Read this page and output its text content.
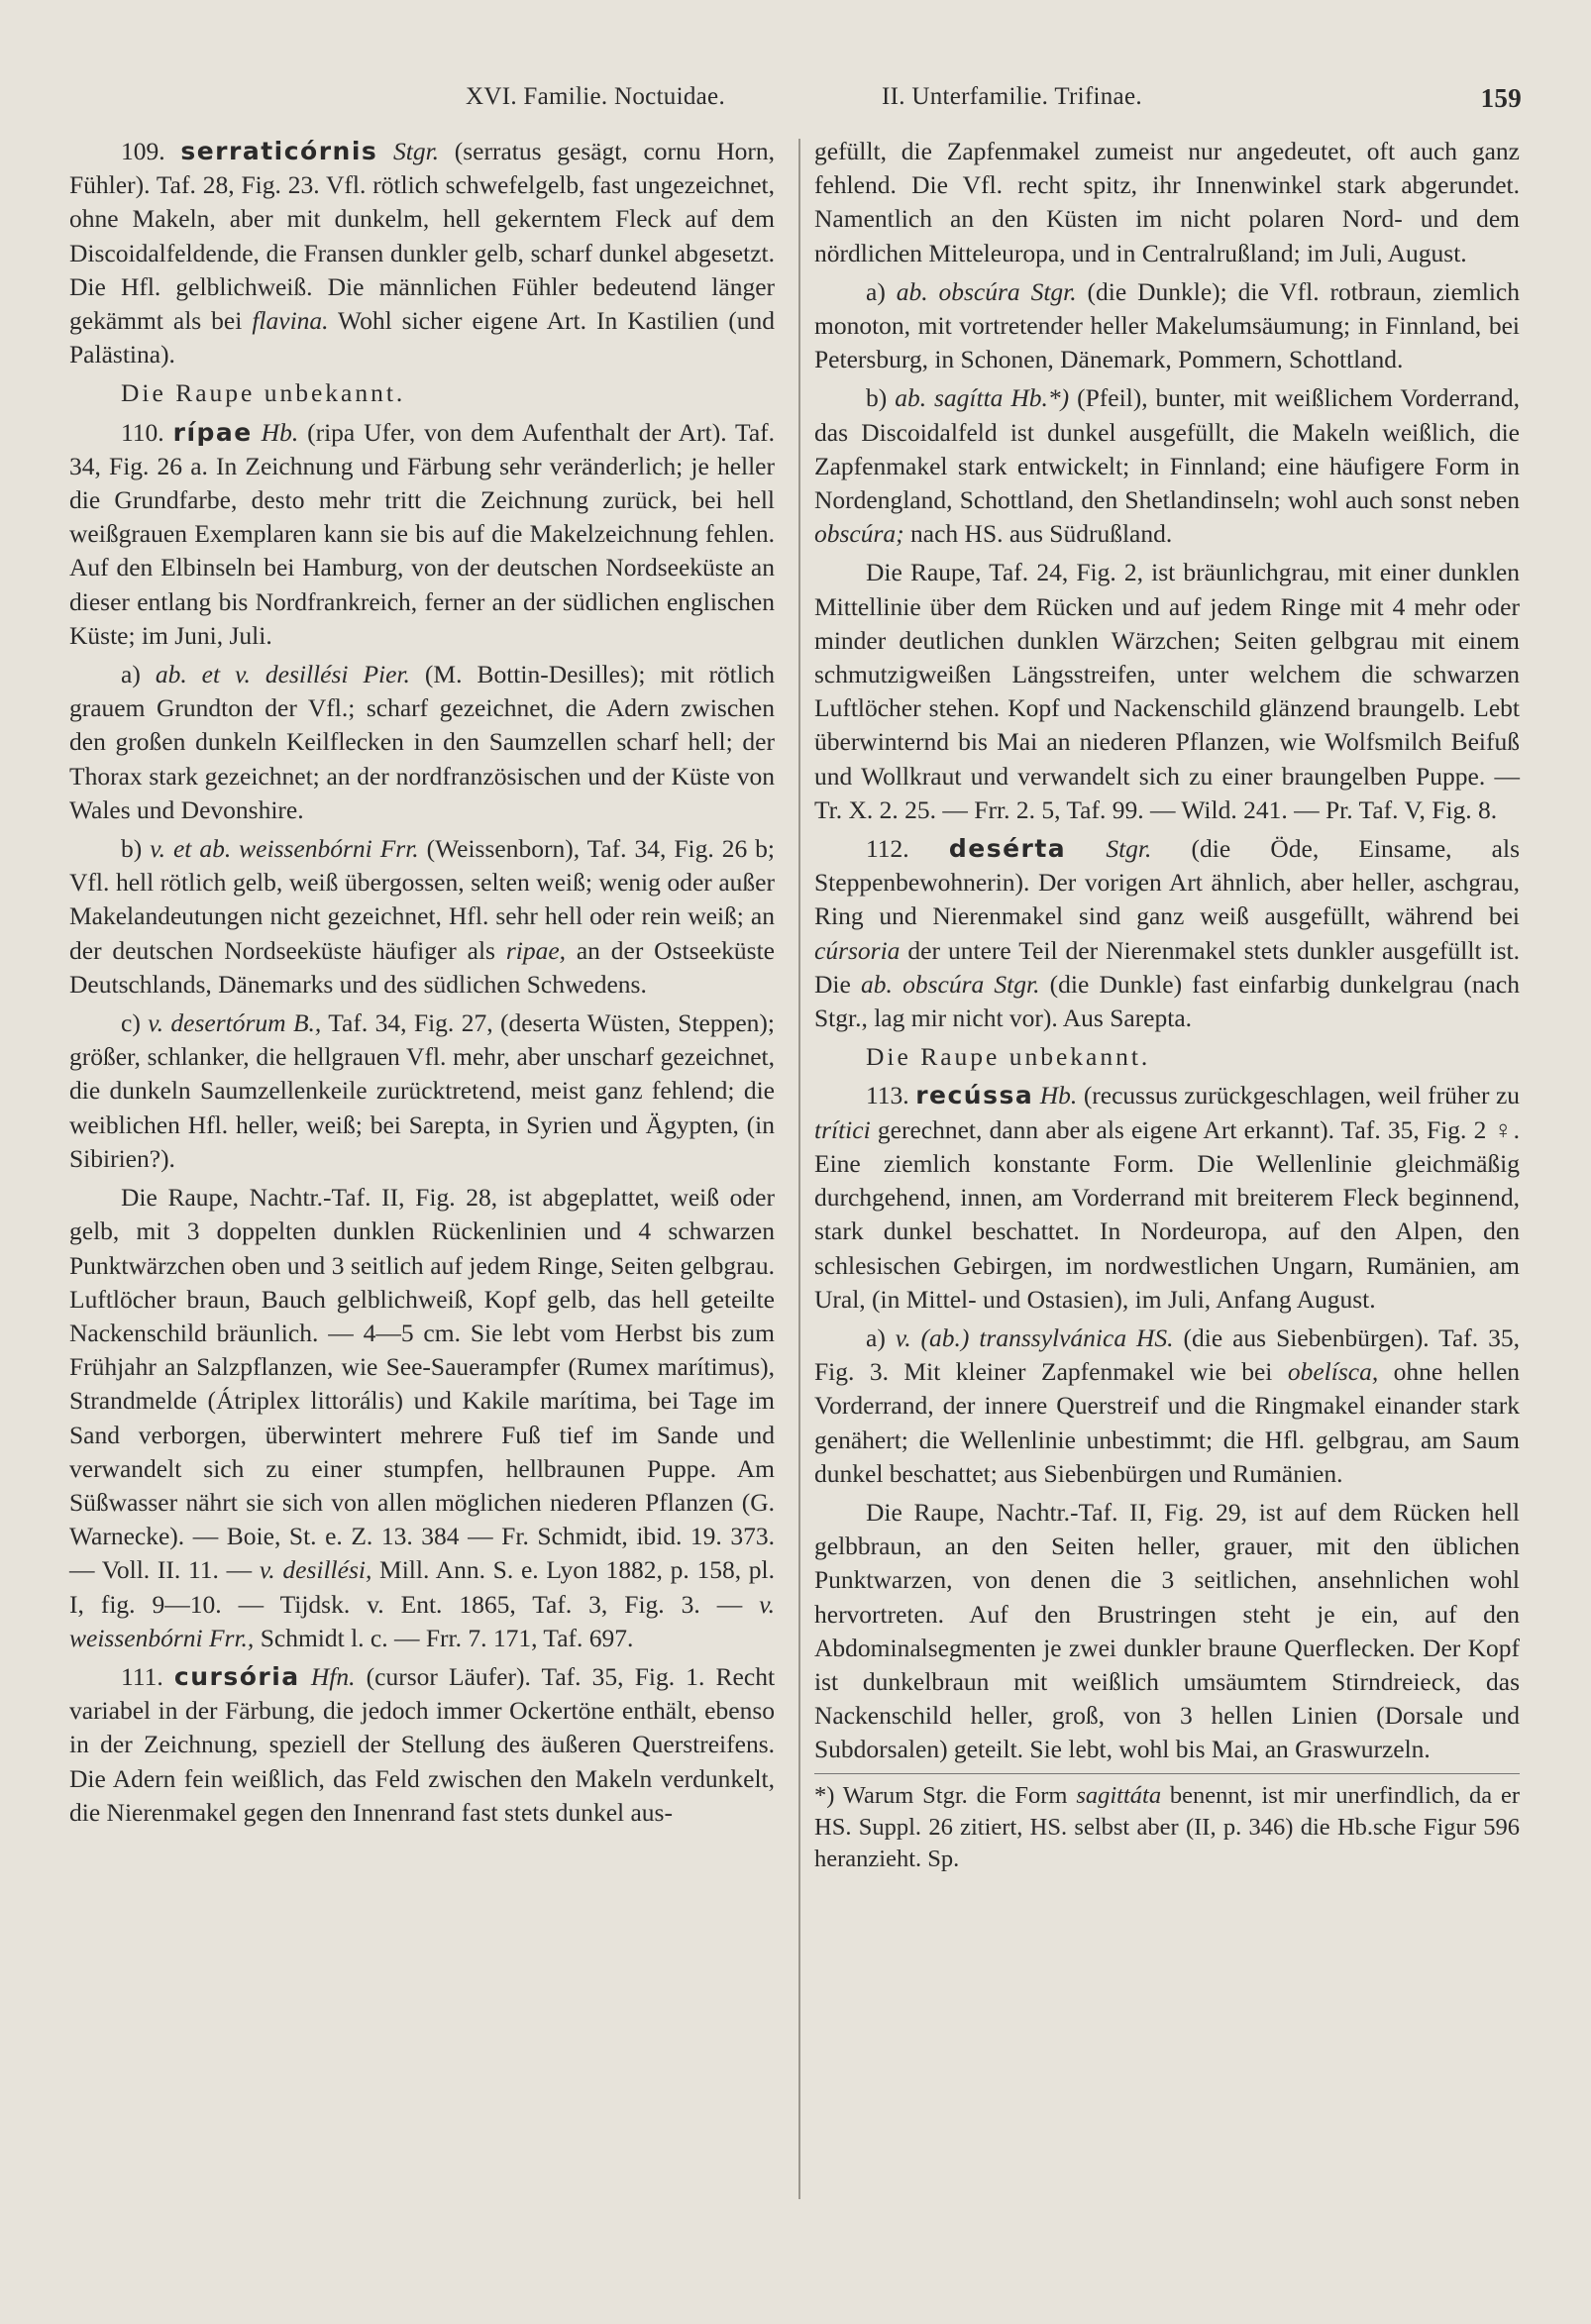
XVI. Familie. Noctuidae.	II. Unterfamilie. Trifinae.	159

109. serraticórnis Stgr. (serratus gesägt, cornu Horn, Fühler). Taf. 28, Fig. 23. Vfl. rötlich schwefelgelb, fast ungezeichnet, ohne Makeln, aber mit dunkelm, hell gekerntem Fleck auf dem Discoidalfeldende, die Fransen dunkler gelb, scharf dunkel abgesetzt. Die Hfl. gelblichweiß. Die männlichen Fühler bedeutend länger gekämmt als bei flavina. Wohl sicher eigene Art. In Kastilien (und Palästina).

Die Raupe unbekannt.

110. rípae Hb. (ripa Ufer, von dem Aufenthalt der Art). Taf. 34, Fig. 26 a. In Zeichnung und Färbung sehr veränderlich; je heller die Grundfarbe, desto mehr tritt die Zeichnung zurück, bei hell weißgrauen Exemplaren kann sie bis auf die Makelzeichnung fehlen. Auf den Elbinseln bei Hamburg, von der deutschen Nordseeküste an dieser entlang bis Nordfrankreich, ferner an der südlichen englischen Küste; im Juni, Juli.

a) ab. et v. desillési Pier. (M. Bottin-Desilles); mit rötlich grauem Grundton der Vfl.; scharf gezeichnet, die Adern zwischen den großen dunkeln Keilflecken in den Saumzellen scharf hell; der Thorax stark gezeichnet; an der nordfranzösischen und der Küste von Wales und Devonshire.

b) v. et ab. weissenbórni Frr. (Weissenborn), Taf. 34, Fig. 26 b; Vfl. hell rötlich gelb, weiß übergossen, selten weiß; wenig oder außer Makelandeutungen nicht gezeichnet, Hfl. sehr hell oder rein weiß; an der deutschen Nordseeküste häufiger als ripae, an der Ostseeküste Deutschlands, Dänemarks und des südlichen Schwedens.

c) v. desertórum B., Taf. 34, Fig. 27, (deserta Wüsten, Steppen); größer, schlanker, die hellgrauen Vfl. mehr, aber unscharf gezeichnet, die dunkeln Saumzellenkeile zurücktretend, meist ganz fehlend; die weiblichen Hfl. heller, weiß; bei Sarepta, in Syrien und Ägypten, (in Sibirien?).

Die Raupe, Nachtr.-Taf. II, Fig. 28, ist abgeplattet, weiß oder gelb, mit 3 doppelten dunklen Rückenlinien und 4 schwarzen Punktwärzchen oben und 3 seitlich auf jedem Ringe, Seiten gelbgrau. Luftlöcher braun, Bauch gelblichweiß, Kopf gelb, das hell geteilte Nackenschild bräunlich. — 4—5 cm. Sie lebt vom Herbst bis zum Frühjahr an Salzpflanzen, wie See-Sauerampfer (Rumex marítimus), Strandmelde (Átriplex littorális) und Kakile marítima, bei Tage im Sand verborgen, überwintert mehrere Fuß tief im Sande und verwandelt sich zu einer stumpfen, hellbraunen Puppe. Am Süßwasser nährt sie sich von allen möglichen niederen Pflanzen (G. Warnecke). — Boie, St. e. Z. 13. 384 — Fr. Schmidt, ibid. 19. 373. — Voll. II. 11. — v. desillési, Mill. Ann. S. e. Lyon 1882, p. 158, pl. I, fig. 9—10. — Tijdsk. v. Ent. 1865, Taf. 3, Fig. 3. — v. weissenbórni Frr., Schmidt l. c. — Frr. 7. 171, Taf. 697.

111. cursória Hfn. (cursor Läufer). Taf. 35, Fig. 1. Recht variabel in der Färbung, die jedoch immer Ockertöne enthält, ebenso in der Zeichnung, speziell der Stellung des äußeren Querstreifens. Die Adern fein weißlich, das Feld zwischen den Makeln verdunkelt, die Nierenmakel gegen den Innenrand fast stets dunkel aus-

gefüllt, die Zapfenmakel zumeist nur angedeutet, oft auch ganz fehlend. Die Vfl. recht spitz, ihr Innenwinkel stark abgerundet. Namentlich an den Küsten im nicht polaren Nord- und dem nördlichen Mitteleuropa, und in Centralrußland; im Juli, August.

a) ab. obscúra Stgr. (die Dunkle); die Vfl. rotbraun, ziemlich monoton, mit vortretender heller Makelumsäumung; in Finnland, bei Petersburg, in Schonen, Dänemark, Pommern, Schottland.

b) ab. sagítta Hb.*) (Pfeil), bunter, mit weißlichem Vorderrand, das Discoidalfeld ist dunkel ausgefüllt, die Makeln weißlich, die Zapfenmakel stark entwickelt; in Finnland; eine häufigere Form in Nordengland, Schottland, den Shetlandinseln; wohl auch sonst neben obscúra; nach HS. aus Südrußland.

Die Raupe, Taf. 24, Fig. 2, ist bräunlichgrau, mit einer dunklen Mittellinie über dem Rücken und auf jedem Ringe mit 4 mehr oder minder deutlichen dunklen Wärzchen; Seiten gelbgrau mit einem schmutzigweißen Längsstreifen, unter welchem die schwarzen Luftlöcher stehen. Kopf und Nackenschild glänzend braungelb. Lebt überwinternd bis Mai an niederen Pflanzen, wie Wolfsmilch Beifuß und Wollkraut und verwandelt sich zu einer braungelben Puppe. — Tr. X. 2. 25. — Frr. 2. 5, Taf. 99. — Wild. 241. — Pr. Taf. V, Fig. 8.

112. desérta Stgr. (die Öde, Einsame, als Steppenbewohnerin). Der vorigen Art ähnlich, aber heller, aschgrau, Ring und Nierenmakel sind ganz weiß ausgefüllt, während bei cúrsoria der untere Teil der Nierenmakel stets dunkler ausgefüllt ist. Die ab. obscúra Stgr. (die Dunkle) fast einfarbig dunkelgrau (nach Stgr., lag mir nicht vor). Aus Sarepta.

Die Raupe unbekannt.

113. recússa Hb. (recussus zurückgeschlagen, weil früher zu trítici gerechnet, dann aber als eigene Art erkannt). Taf. 35, Fig. 2 ♀. Eine ziemlich konstante Form. Die Wellenlinie gleichmäßig durchgehend, innen, am Vorderrand mit breiterem Fleck beginnend, stark dunkel beschattet. In Nordeuropa, auf den Alpen, den schlesischen Gebirgen, im nordwestlichen Ungarn, Rumänien, am Ural, (in Mittel- und Ostasien), im Juli, Anfang August.

a) v. (ab.) transsylvánica HS. (die aus Siebenbürgen). Taf. 35, Fig. 3. Mit kleiner Zapfenmakel wie bei obelísca, ohne hellen Vorderrand, der innere Querstreif und die Ringmakel einander stark genähert; die Wellenlinie unbestimmt; die Hfl. gelbgrau, am Saum dunkel beschattet; aus Siebenbürgen und Rumänien.

Die Raupe, Nachtr.-Taf. II, Fig. 29, ist auf dem Rücken hell gelbbraun, an den Seiten heller, grauer, mit den üblichen Punktwarzen, von denen die 3 seitlichen, ansehnlichen wohl hervortreten. Auf den Brustringen steht je ein, auf den Abdominalsegmenten je zwei dunkler braune Querflecken. Der Kopf ist dunkelbraun mit weißlich umsäumtem Stirndreieck, das Nackenschild heller, groß, von 3 hellen Linien (Dorsale und Subdorsalen) geteilt. Sie lebt, wohl bis Mai, an Graswurzeln.

*) Warum Stgr. die Form sagittáta benennt, ist mir unerfindlich, da er HS. Suppl. 26 zitiert, HS. selbst aber (II, p. 346) die Hb.sche Figur 596 heranzieht. Sp.
